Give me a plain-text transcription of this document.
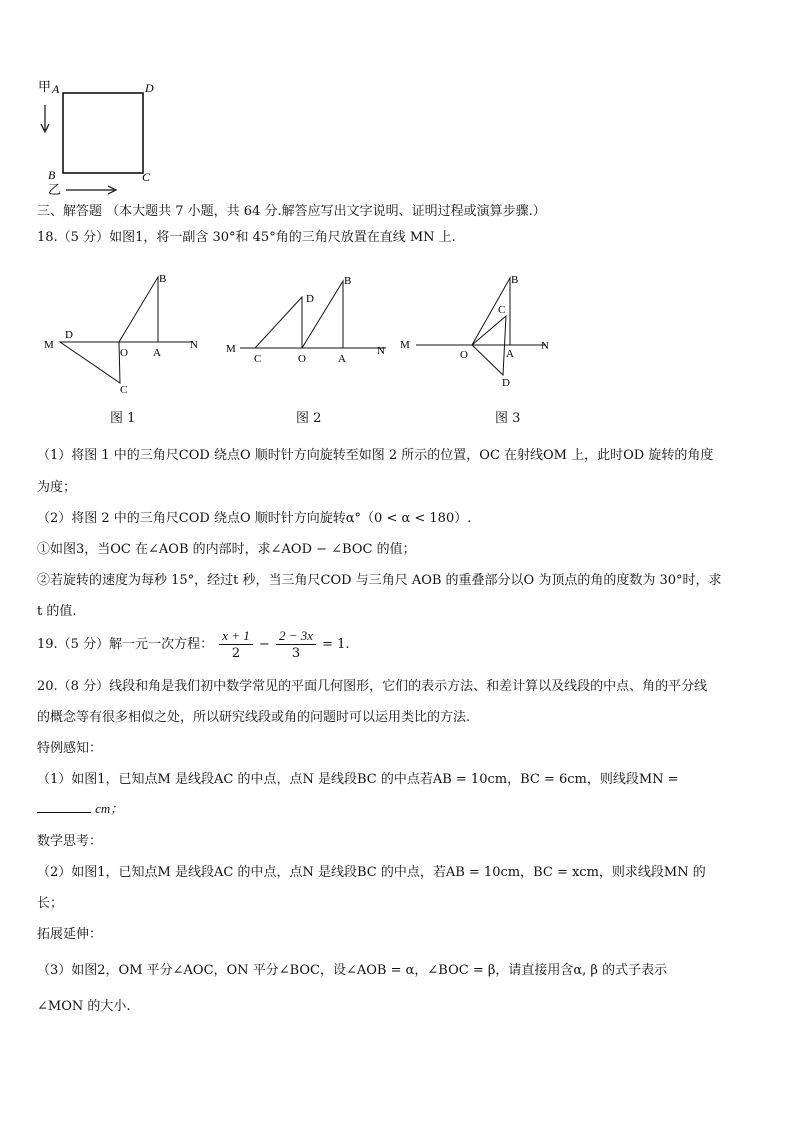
甲 A	D
B	C
乙
三、解答题 （本大题共 7 小题，共 64 分.解答应写出文字说明、证明过程或演算步骤.）
18.（5 分）如图1，将一副含 30°和 45°角的三角尺放置在直线 MN 上.
M
D
O A
N
B
C
M
C	O	A
N
D
B
M
O	A
N
B
C
D
图 1	图 2	图 3
（1）将图 1 中的三角尺COD 绕点O 顺时针方向旋转至如图 2 所示的位置，OC 在射线OM 上，此时OD 旋转的角度
为度；
（2）将图 2 中的三角尺COD 绕点O 顺时针方向旋转α°（0 < α < 180）.
①如图3，当OC 在∠AOB 的内部时，求∠AOD − ∠BOC 的值；
②若旋转的速度为每秒 15°，经过t 秒，当三角尺COD 与三角尺 AOB 的重叠部分以O 为顶点的角的度数为 30°时，求
t 的值.
19.（5 分）解一元一次方程： $\frac{x + 1}{2} - \frac{2 - 3x}{3} = 1$.
20.（8 分）线段和角是我们初中数学常见的平面几何图形，它们的表示方法、和差计算以及线段的中点、角的平分线
的概念等有很多相似之处，所以研究线段或角的问题时可以运用类比的方法.
特例感知：
（1）如图1，已知点M 是线段AC 的中点，点N 是线段BC 的中点若AB = 10cm，BC = 6cm，则线段MN =
cm；
数学思考：
（2）如图1，已知点M 是线段AC 的中点，点N 是线段BC 的中点，若AB = 10cm，BC = xcm，则求线段MN 的
长；
拓展延伸：
（3）如图2，OM 平分∠AOC，ON 平分∠BOC，设∠AOB = α，∠BOC = β，请直接用含α, β 的式子表示
∠MON 的大小.
